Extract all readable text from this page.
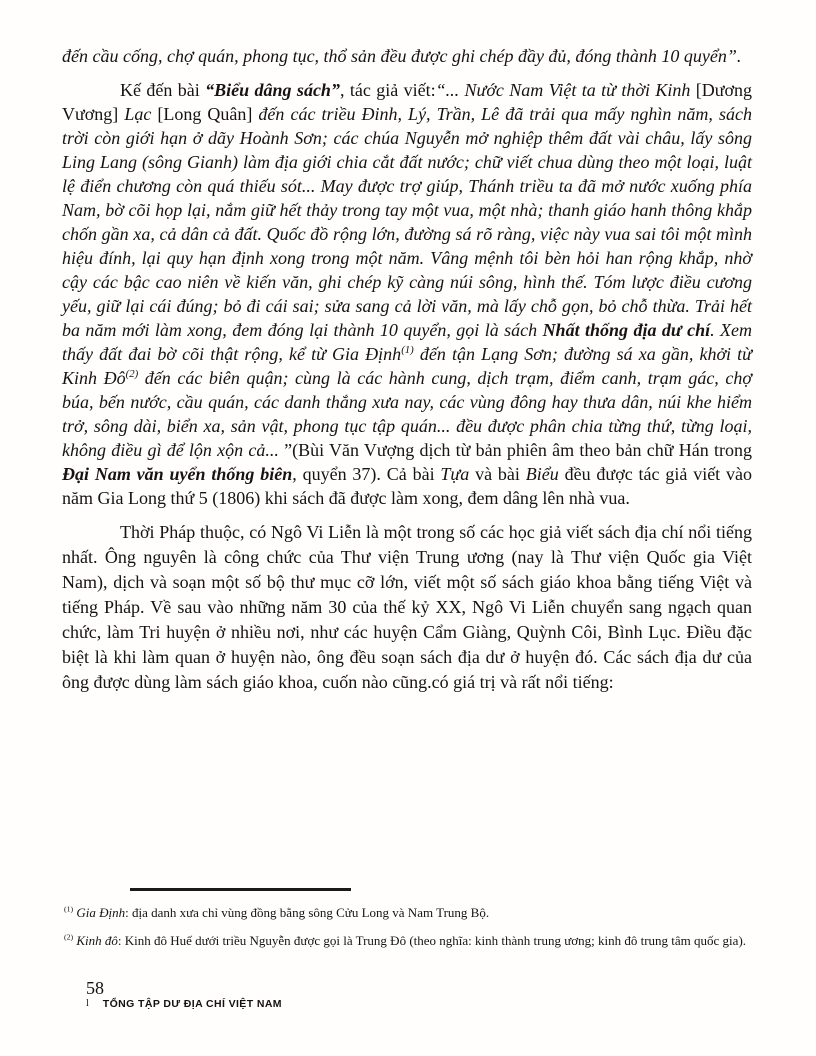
đến cầu cống, chợ quán, phong tục, thổ sản đều được ghi chép đầy đủ, đóng thành 10 quyển”.

Kế đến bài “Biểu dâng sách”, tác giả viết:“... Nước Nam Việt ta từ thời Kinh [Dương Vương] Lạc [Long Quân] đến các triều Đinh, Lý, Trần, Lê đã trải qua mấy nghìn năm, sách trời còn giới hạn ở dãy Hoành Sơn; các chúa Nguyễn mở nghiệp thêm đất vài châu, lấy sông Ling Lang (sông Gianh) làm địa giới chia cắt đất nước; chữ viết chua dùng theo một loại, luật lệ điển chương còn quá thiếu sót... May được trợ giúp, Thánh triều ta đã mở nước xuống phía Nam, bờ cõi họp lại, nắm giữ hết thảy trong tay một vua, một nhà; thanh giáo hanh thông khắp chốn gần xa, cả dân cả đất. Quốc đồ rộng lớn, đường sá rõ ràng, việc này vua sai tôi một mình hiệu đính, lại quy hạn định xong trong một năm. Vâng mệnh tôi bèn hỏi han rộng khắp, nhờ cậy các bậc cao niên về kiến văn, ghi chép kỹ càng núi sông, hình thế. Tóm lược điều cương yếu, giữ lại cái đúng; bỏ đi cái sai; sửa sang cả lời văn, mà lấy chỗ gọn, bỏ chỗ thừa. Trải hết ba năm mới làm xong, đem đóng lại thành 10 quyển, gọi là sách Nhất thống địa dư chí. Xem thấy đất đai bờ cõi thật rộng, kể từ Gia Định$^{(1)}$ đến tận Lạng Sơn; đường sá xa gần, khởi từ Kinh $Đô^{(2)}$ đến các biên quận; cùng là các hành cung, dịch trạm, điểm canh, trạm gác, chợ búa, bến nước, cầu quán, các danh thắng xưa nay, các vùng đông hay thưa dân, núi khe hiểm trở, sông dài, biển xa, sản vật, phong tục tập quán... đều được phân chia từng thứ, từng loại, không điều gì để lộn xộn cả... ”(Bùi Văn Vượng dịch từ bản phiên âm theo bản chữ Hán trong Đại Nam văn uyển thống biên, quyển 37). Cả bài Tựa và bài Biểu đều được tác giả viết vào năm Gia Long thứ 5 (1806) khi sách đã được làm xong, đem dâng lên nhà vua.

Thời Pháp thuộc, có Ngô Vi Liễn là một trong số các học giả viết sách địa chí nổi tiếng nhất. Ông nguyên là công chức của Thư viện Trung ương (nay là Thư viện Quốc gia Việt Nam), dịch và soạn một số bộ thư mục cỡ lớn, viết một số sách giáo khoa bằng tiếng Việt và tiếng Pháp. Về sau vào những năm 30 của thế kỷ XX, Ngô Vi Liễn chuyển sang ngạch quan chức, làm Tri huyện ở nhiều nơi, như các huyện Cẩm Giàng, Quỳnh Côi, Bình Lục. Điều đặc biệt là khi làm quan ở huyện nào, ông đều soạn sách địa dư ở huyện đó. Các sách địa dư của ông được dùng làm sách giáo khoa, cuốn nào cũng.có giá trị và rất nổi tiếng:

$^{(1)}$ Gia Định: địa danh xưa chỉ vùng đồng bằng sông Cửu Long và Nam Trung Bộ.

$^{(2)}$ Kinh đô: Kinh đô Huế dưới triều Nguyễn được gọi là Trung Đô (theo nghĩa: kinh thành trung ương; kinh đô trung tâm quốc gia).

58
l TỔNG TẬP DƯ ĐỊA CHÍ VIỆT NAM
